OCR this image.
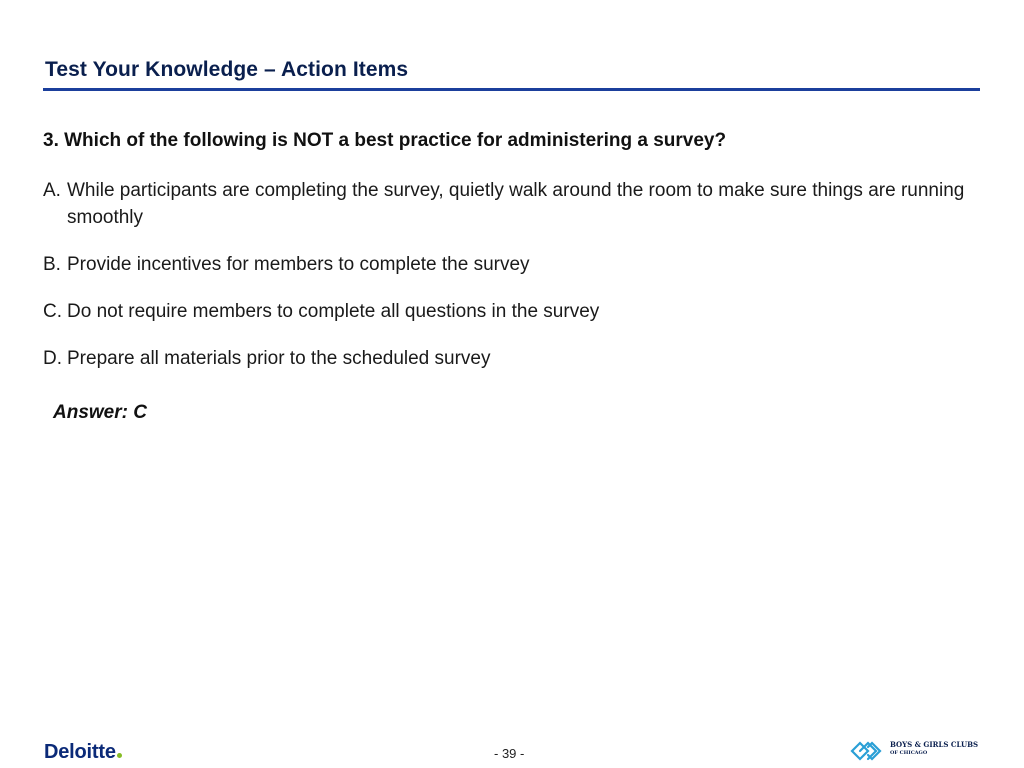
Test Your Knowledge – Action Items
3. Which of the following is NOT a best practice for administering a survey?
A. While participants are completing the survey, quietly walk around the room to make sure things are running smoothly
B. Provide incentives for members to complete the survey
C. Do not require members to complete all questions in the survey
D. Prepare all materials prior to the scheduled survey
Answer: C
Deloitte	- 39 -
BOYS & GIRLS CLUBS
OF CHICAGO
